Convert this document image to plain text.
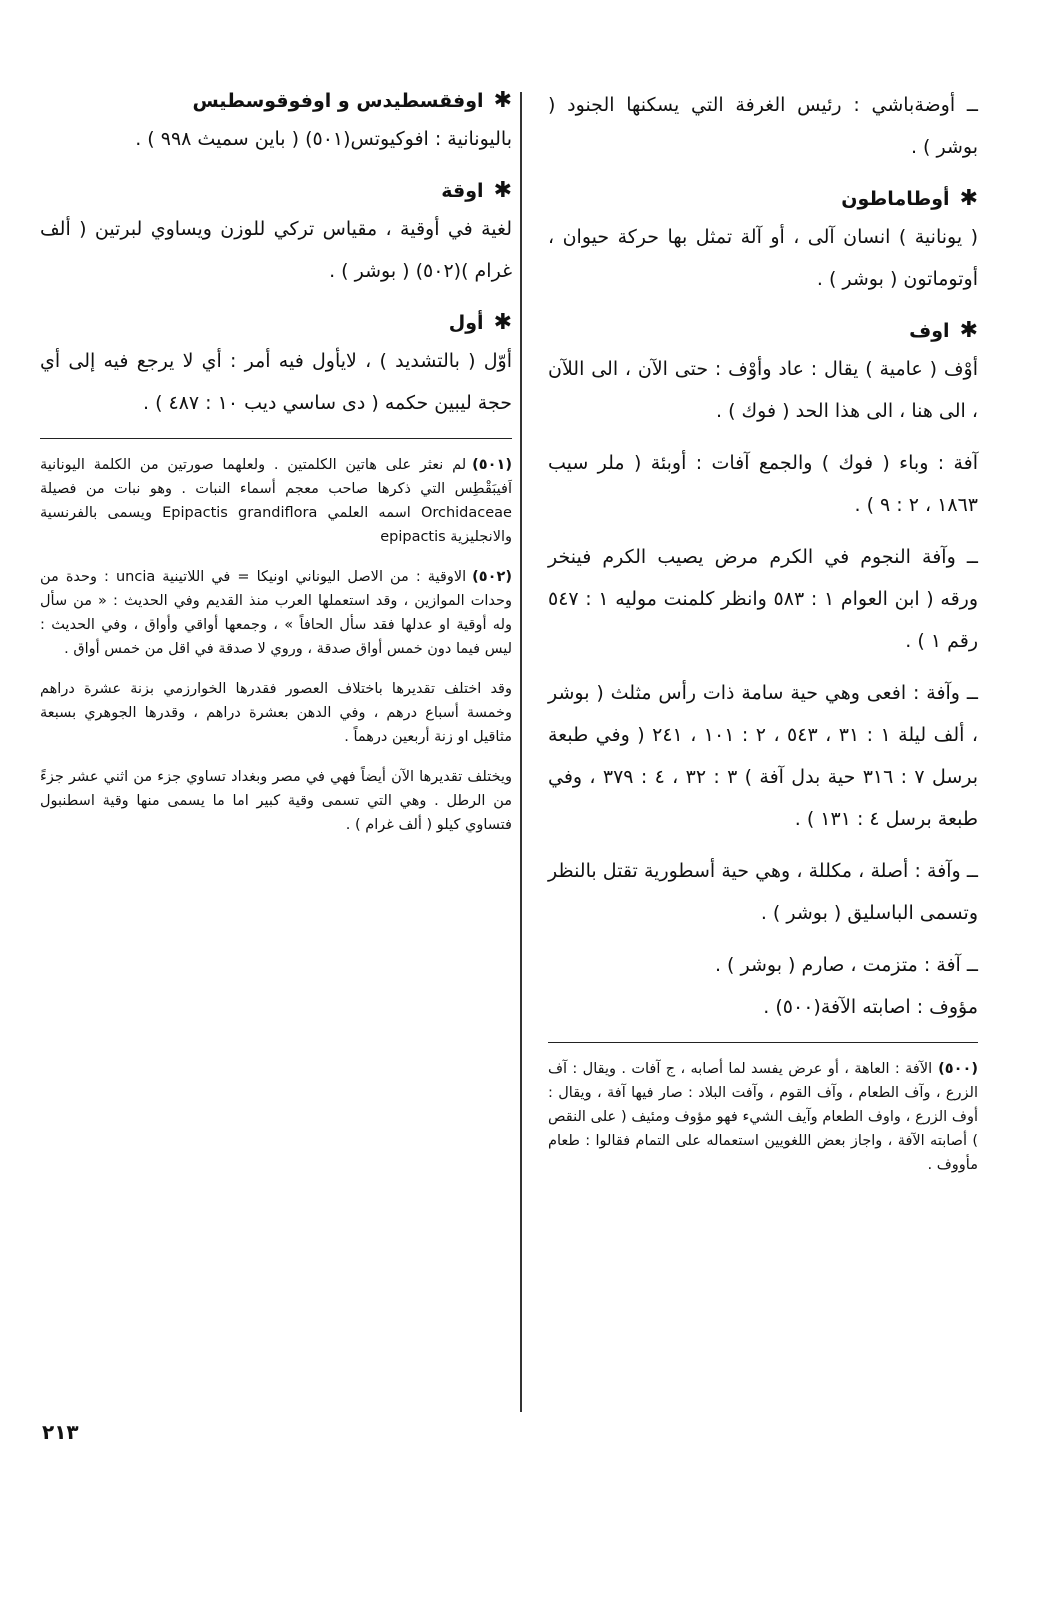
ــ أوضةباشي : رئيس الغرفة التي يسكنها الجنود ( بوشر ) .

✱أوطاماطون

( يونانية ) انسان آلى ، أو آلة تمثل بها حركة حيوان ، أوتوماتون ( بوشر ) .

✱اوف

أوْف ( عامية ) يقال : عاد وأوْف : حتى الآن ، الى اللآن ، الى هنا ، الى هذا الحد ( فوك ) .

آفة : وباء ( فوك ) والجمع آفات : أوبئة ( ملر سيب ١٨٦٣ ، ٢ : ٩ ) .

ــ وآفة النجوم في الكرم مرض يصيب الكرم فينخر ورقه ( ابن العوام ١ : ٥٨٣ وانظر كلمنت موليه ١ : ٥٤٧ رقم ١ ) .

ــ وآفة : افعى وهي حية سامة ذات رأس مثلث ( بوشر ، ألف ليلة ١ : ٣١ ، ٥٤٣ ، ٢ : ١٠١ ، ٢٤١ ( وفي طبعة برسل ٧ : ٣١٦ حية بدل آفة ) ٣ : ٣٢ ، ٤ : ٣٧٩ ، وفي طبعة برسل ٤ : ١٣١ ) .

ــ وآفة : أصلة ، مكللة ، وهي حية أسطورية تقتل بالنظر وتسمى الباسليق ( بوشر ) .

ــ آفة : متزمت ، صارم ( بوشر ) .

مؤوف : اصابته الآفة(٥٠٠) .

(٥٠٠)الآفة : العاهة ، أو عرض يفسد لما أصابه ، ج آفات . ويقال : آف الزرع ، وآف الطعام ، وآف القوم ، وآفت البلاد : صار فيها آفة ، ويقال : أوف الزرع ، واوف الطعام وآيف الشيء فهو مؤوف ومئيف ( على النقص ) أصابته الآفة ، واجاز بعض اللغويين استعماله على التمام فقالوا : طعام مأووف .

✱اوفقسطيدس و اوفوقوسطيس

باليونانية : افوكيوتس(٥٠١) ( باين سميث ٩٩٨ ) .

✱اوقة

لغية في أوقية ، مقياس تركي للوزن ويساوي لبرتين ( ألف غرام )(٥٠٢) ( بوشر ) .

✱أول

أوّل ( بالتشديد ) ، لايأول فيه أمر : أي لا يرجع فيه إلى أي حجة ليبين حكمه ( دى ساسي ديب ١٠ : ٤٨٧ ) .

(٥٠١)لم نعثر على هاتين الكلمتين . ولعلهما صورتين من الكلمة اليونانية اَفيبَقْطِس التي ذكرها صاحب معجم أسماء النبات . وهو نبات من فصيلة Orchidaceae اسمه العلمي Epipactis grandiflora ويسمى بالفرنسية والانجليزية epipactis

(٥٠٢)الاوقية : من الاصل اليوناني اونيكا = في اللاتينية uncia : وحدة من وحدات الموازين ، وقد استعملها العرب منذ القديم وفي الحديث : « من سأل وله أوقية او عدلها فقد سأل الحافاً » ، وجمعها أواقي وأواق ، وفي الحديث : ليس فيما دون خمس أواق صدقة ، وروي لا صدقة في اقل من خمس أواق .

وقد اختلف تقديرها باختلاف العصور فقدرها الخوارزمي بزنة عشرة دراهم وخمسة أسباع درهم ، وفي الدهن بعشرة دراهم ، وقدرها الجوهري بسبعة مثاقيل او زنة أربعين درهماً .

ويختلف تقديرها الآن أيضاً فهي في مصر وبغداد تساوي جزء من اثني عشر جزءً من الرطل . وهي التي تسمى وقية كبير اما ما يسمى منها وقية اسطنبول فتساوي كيلو ( ألف غرام ) .

٢١٣
